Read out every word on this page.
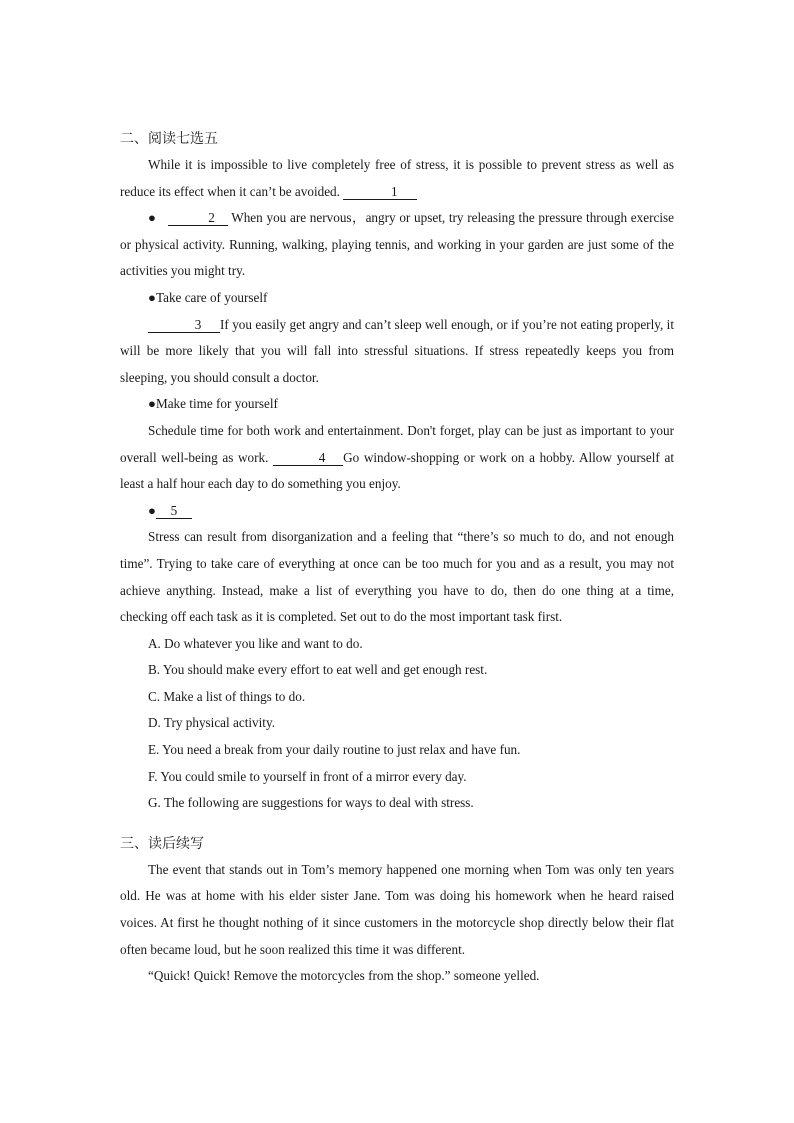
二、阅读七选五

While it is impossible to live completely free of stress, it is possible to prevent stress as well as reduce its effect when it can’t be avoided.	1

●	2 When you are nervous，angry or upset, try releasing the pressure through exercise or physical activity. Running, walking, playing tennis, and working in your garden are just some of the activities you might try.

●Take care of yourself

3 If you easily get angry and can’t sleep well enough, or if you’re not eating properly, it will be more likely that you will fall into stressful situations. If stress repeatedly keeps you from sleeping, you should consult a doctor.

●Make time for yourself

Schedule time for both work and entertainment. Don't forget, play can be just as important to your overall well-being as work.	4 Go window-shopping or work on a hobby. Allow yourself at least a half hour each day to do something you enjoy.

● 5

Stress can result from disorganization and a feeling that “there’s so much to do, and not enough time”. Trying to take care of everything at once can be too much for you and as a result, you may not achieve anything. Instead, make a list of everything you have to do, then do one thing at a time, checking off each task as it is completed. Set out to do the most important task first.

A. Do whatever you like and want to do.
B. You should make every effort to eat well and get enough rest.
C. Make a list of things to do.
D. Try physical activity.
E. You need a break from your daily routine to just relax and have fun.
F. You could smile to yourself in front of a mirror every day.
G. The following are suggestions for ways to deal with stress.
三、读后续写

The event that stands out in Tom’s memory happened one morning when Tom was only ten years old. He was at home with his elder sister Jane. Tom was doing his homework when he heard raised voices. At first he thought nothing of it since customers in the motorcycle shop directly below their flat often became loud, but he soon realized this time it was different.

“Quick! Quick! Remove the motorcycles from the shop.” someone yelled.
